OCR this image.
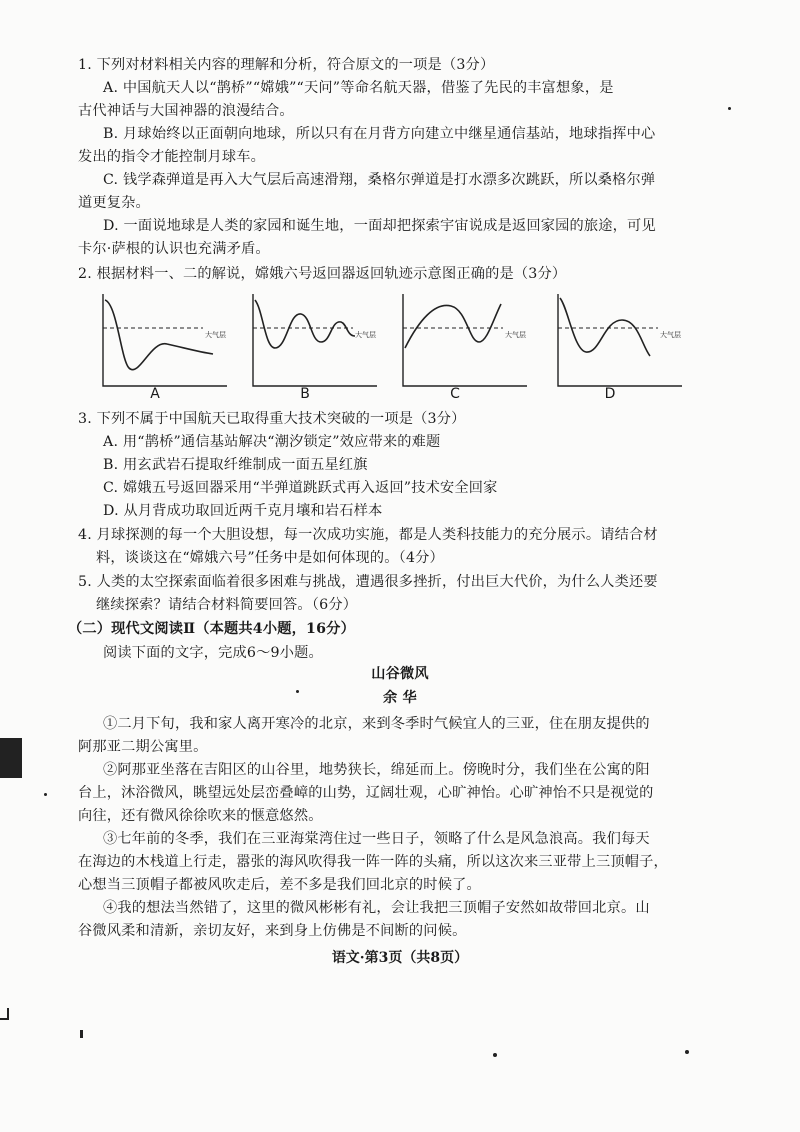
1. 下列对材料相关内容的理解和分析，符合原文的一项是（3分）
A. 中国航天人以“鹊桥”“嫦娥”“天问”等命名航天器，借鉴了先民的丰富想象，是
古代神话与大国神器的浪漫结合。
B. 月球始终以正面朝向地球，所以只有在月背方向建立中继星通信基站，地球指挥中心
发出的指令才能控制月球车。
C. 钱学森弹道是再入大气层后高速滑翔，桑格尔弹道是打水漂多次跳跃，所以桑格尔弹
道更复杂。
D. 一面说地球是人类的家园和诞生地，一面却把探索宇宙说成是返回家园的旅途，可见
卡尔·萨根的认识也充满矛盾。
2. 根据材料一、二的解说，嫦娥六号返回器返回轨迹示意图正确的是（3分）
大气层
A
大气层
B
大气层
C
大气层
D
3. 下列不属于中国航天已取得重大技术突破的一项是（3分）
A. 用“鹊桥”通信基站解决“潮汐锁定”效应带来的难题
B. 用玄武岩石提取纤维制成一面五星红旗
C. 嫦娥五号返回器采用“半弹道跳跃式再入返回”技术安全回家
D. 从月背成功取回近两千克月壤和岩石样本
4. 月球探测的每一个大胆设想，每一次成功实施，都是人类科技能力的充分展示。请结合材
料，谈谈这在“嫦娥六号”任务中是如何体现的。（4分）
5. 人类的太空探索面临着很多困难与挑战，遭遇很多挫折，付出巨大代价，为什么人类还要
继续探索？请结合材料简要回答。（6分）
（二）现代文阅读Ⅱ（本题共4小题，16分）
阅读下面的文字，完成6～9小题。
山谷微风
余 华
①二月下旬，我和家人离开寒冷的北京，来到冬季时气候宜人的三亚，住在朋友提供的
阿那亚二期公寓里。
②阿那亚坐落在吉阳区的山谷里，地势狭长，绵延而上。傍晚时分，我们坐在公寓的阳
台上，沐浴微风，眺望远处层峦叠嶂的山势，辽阔壮观，心旷神怡。心旷神怡不只是视觉的
向往，还有微风徐徐吹来的惬意悠然。
③七年前的冬季，我们在三亚海棠湾住过一些日子，领略了什么是风急浪高。我们每天
在海边的木栈道上行走，嚣张的海风吹得我一阵一阵的头痛，所以这次来三亚带上三顶帽子，
心想当三顶帽子都被风吹走后，差不多是我们回北京的时候了。
④我的想法当然错了，这里的微风彬彬有礼，会让我把三顶帽子安然如故带回北京。山
谷微风柔和清新，亲切友好，来到身上仿佛是不间断的问候。
语文·第3页（共8页）
